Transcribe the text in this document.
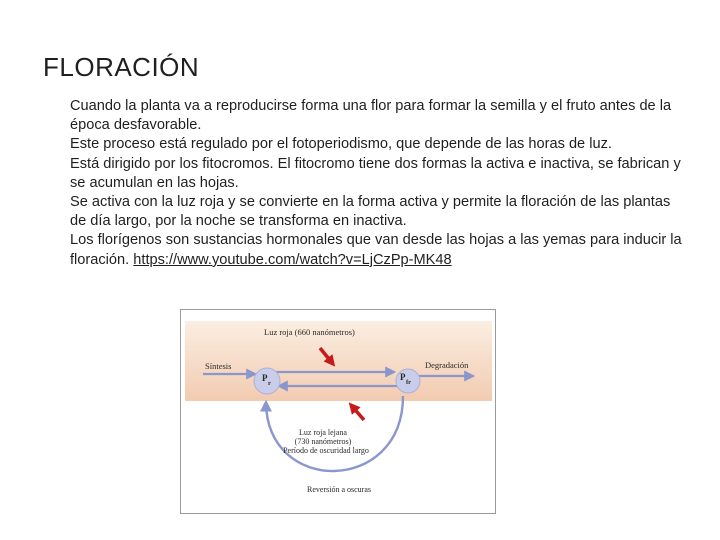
FLORACIÓN

Cuando la planta va a reproducirse forma una flor para formar la semilla y el fruto antes de la época desfavorable.

Este proceso está regulado por el fotoperiodismo, que depende de las horas de luz.

Está dirigido por los fitocromos. El fitocromo tiene dos formas la activa e inactiva, se fabrican y se acumulan en las hojas.

Se activa con la luz roja y se convierte en la forma activa y permite la floración de las plantas de día largo, por la noche se transforma en inactiva.

Los florígenos son sustancias hormonales que van desde las hojas a las yemas para inducir la floración. https://www.youtube.com/watch?v=LjCzPp-MK48

Luz roja (660 nanómetros)
Síntesis	Degradación
$P_r$
$P_{fr}$
Luz roja lejana
(730 nanómetros)
Período de oscuridad largo
Reversión a oscuras
